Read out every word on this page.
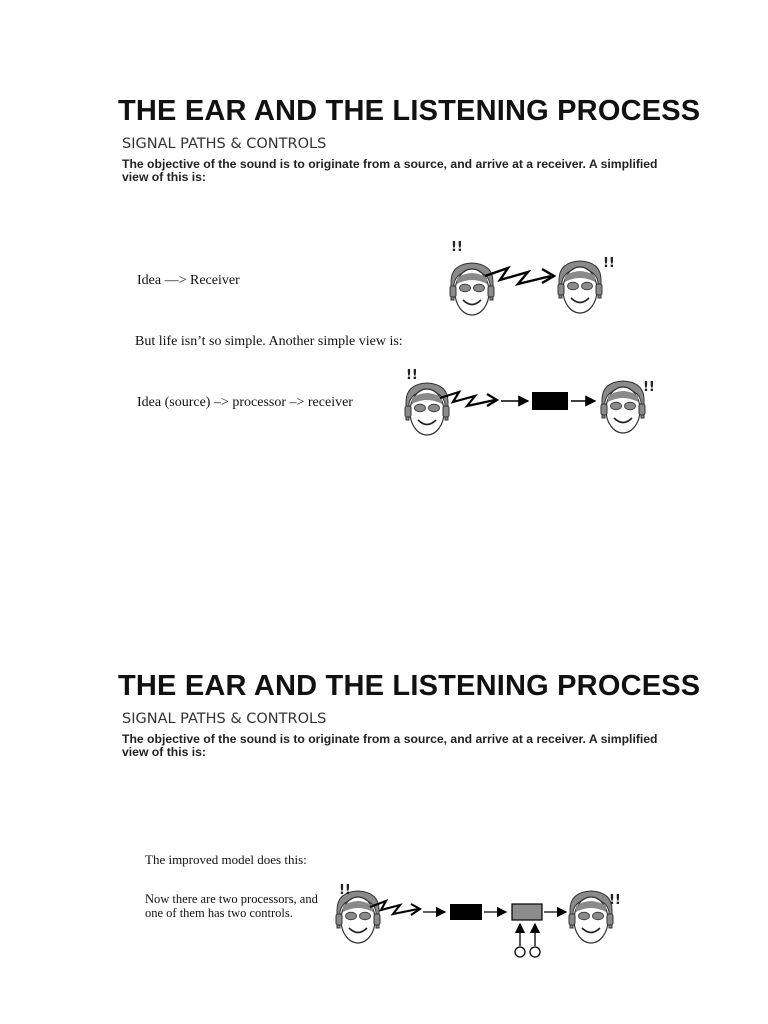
THE EAR AND THE LISTENING PROCESS
SIGNAL PATHS & CONTROLS
The objective of the sound is to originate from a source, and arrive at a receiver. A simplified view of this is:
Idea —> Receiver
!!
!!
But life isn’t so simple. Another simple view is:
Idea (source) –> processor –> receiver
!!
!!
THE EAR AND THE LISTENING PROCESS
SIGNAL PATHS & CONTROLS
The objective of the sound is to originate from a source, and arrive at a receiver. A simplified view of this is:
The improved model does this:
Now there are two processors, and one of them has two controls.
!!
!!
